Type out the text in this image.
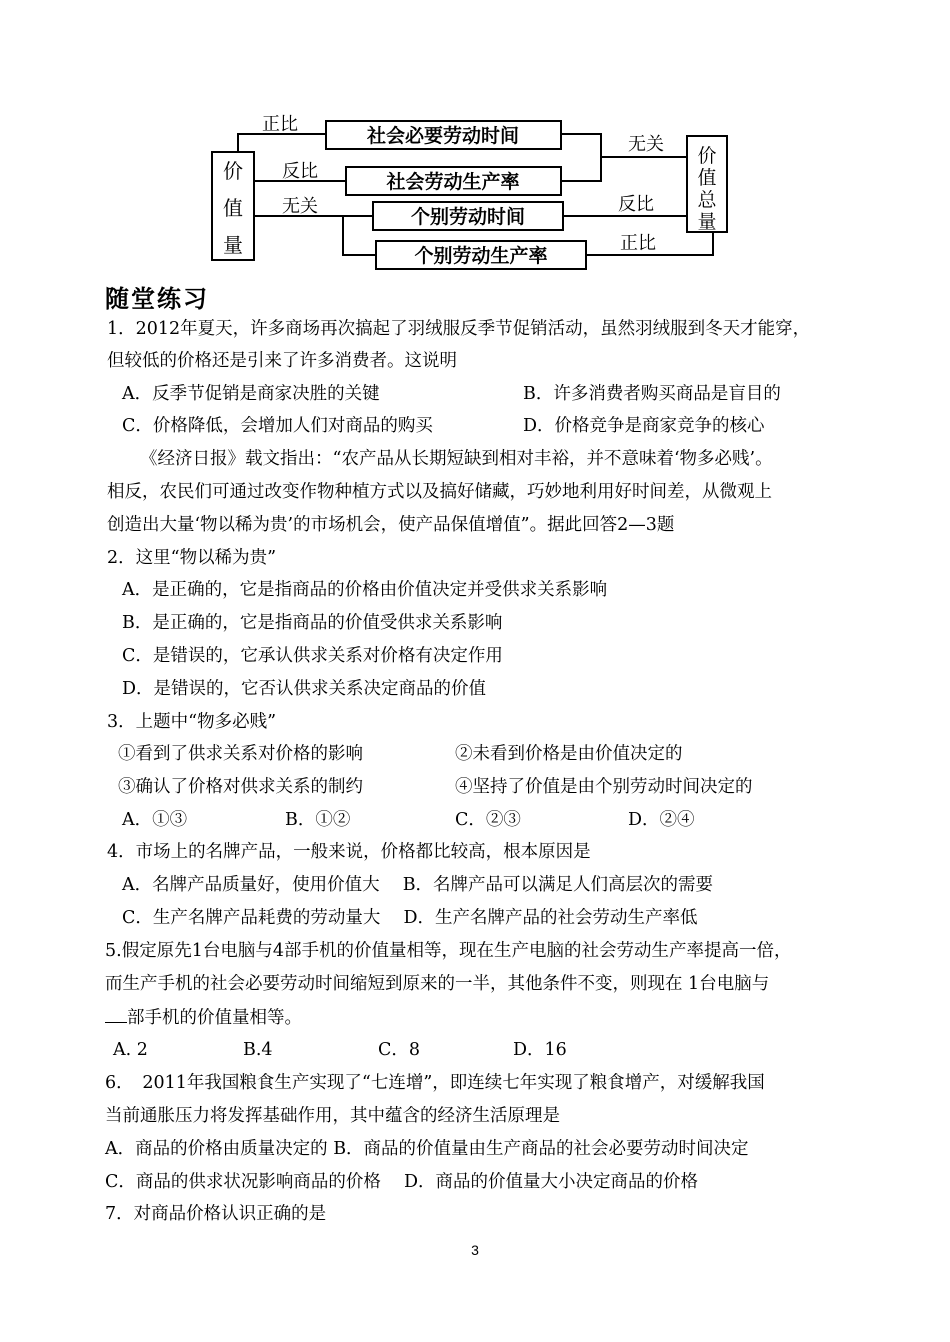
价
值
量
价
值
总
量
社会必要劳动时间
社会劳动生产率
个别劳动时间
个别劳动生产率
正比
反比
无关
无关
反比
正比
随堂练习
1．2012年夏天，许多商场再次搞起了羽绒服反季节促销活动，虽然羽绒服到冬天才能穿，
但较低的价格还是引来了许多消费者。这说明
A．反季节促销是商家决胜的关键	B．许多消费者购买商品是盲目的
C．价格降低，会增加人们对商品的购买	D．价格竞争是商家竞争的核心
《经济日报》载文指出：“农产品从长期短缺到相对丰裕，并不意味着‘物多必贱’。
相反，农民们可通过改变作物种植方式以及搞好储藏，巧妙地利用好时间差，从微观上
创造出大量‘物以稀为贵’的市场机会，使产品保值增值”。据此回答2—3题
2．这里“物以稀为贵”
A．是正确的，它是指商品的价格由价值决定并受供求关系影响
B．是正确的，它是指商品的价值受供求关系影响
C．是错误的，它承认供求关系对价格有决定作用
D．是错误的，它否认供求关系决定商品的价值
3．上题中“物多必贱”
①看到了供求关系对价格的影响	②未看到价格是由价值决定的
③确认了价格对供求关系的制约	④坚持了价值是由个别劳动时间决定的
A．①③	B．①②	C．②③	D．②④
4．市场上的名牌产品，一般来说，价格都比较高，根本原因是
A．名牌产品质量好，使用价值大　 B．名牌产品可以满足人们高层次的需要
C．生产名牌产品耗费的劳动量大　 D．生产名牌产品的社会劳动生产率低
5.假定原先1台电脑与4部手机的价值量相等，现在生产电脑的社会劳动生产率提高一倍，
而生产手机的社会必要劳动时间缩短到原来的一半，其他条件不变，则现在 1台电脑与
部手机的价值量相等。
A. 2	B.4	C．8	D．16
6．　2011年我国粮食生产实现了“七连增”，即连续七年实现了粮食增产，对缓解我国
当前通胀压力将发挥基础作用，其中蕴含的经济生活原理是
A．商品的价格由质量决定的 B．商品的价值量由生产商品的社会必要劳动时间决定
C．商品的供求状况影响商品的价格　 D．商品的价值量大小决定商品的价格
7．对商品价格认识正确的是
3
